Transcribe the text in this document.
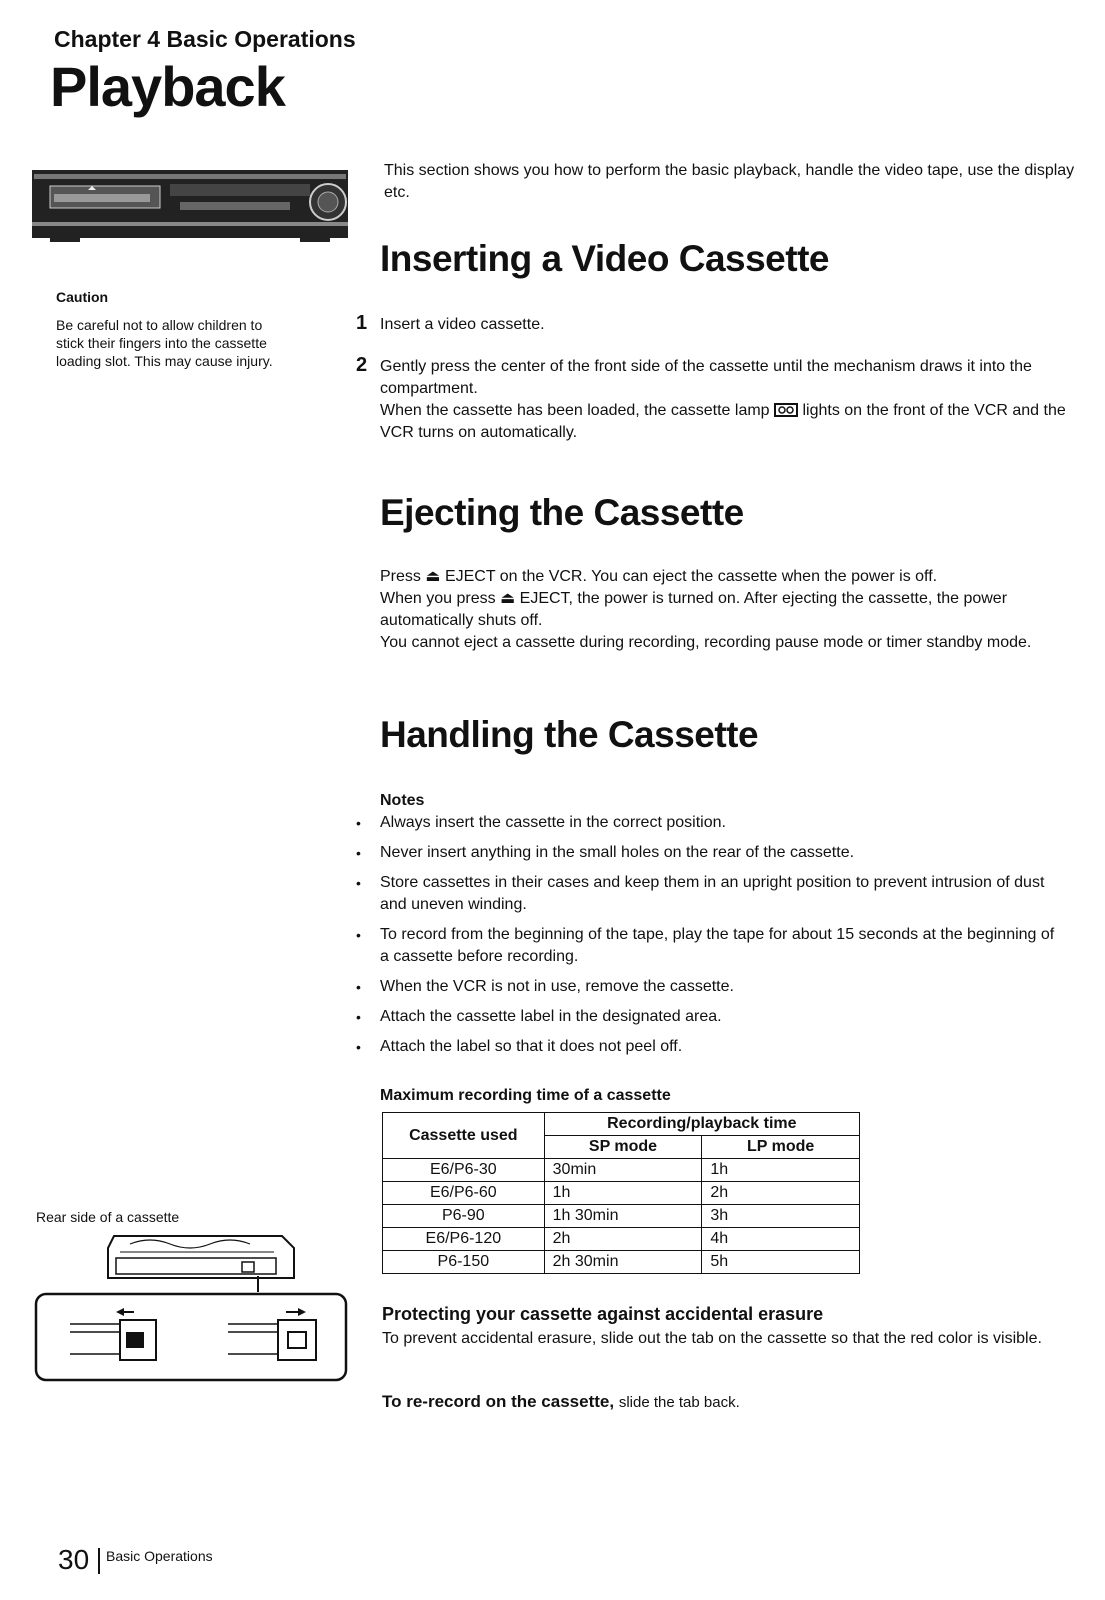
Chapter 4 Basic Operations
Playback
This section shows you how to perform the basic playback, handle the video tape, use the display etc.
Caution
Be careful not to allow children to stick their fingers into the cassette loading slot. This may cause injury.
Inserting a Video Cassette
1 Insert a video cassette.
2 Gently press the center of the front side of the cassette until the mechanism draws it into the compartment.
When the cassette has been loaded, the cassette lamp lights on the front of the VCR and the VCR turns on automatically.
Ejecting the Cassette
Press ⏏ EJECT on the VCR. You can eject the cassette when the power is off.
When you press ⏏ EJECT, the power is turned on. After ejecting the cassette, the power automatically shuts off.
You cannot eject a cassette during recording, recording pause mode or timer standby mode.
Handling the Cassette
Notes
• Always insert the cassette in the correct position.
• Never insert anything in the small holes on the rear of the cassette.
• Store cassettes in their cases and keep them in an upright position to prevent intrusion of dust and uneven winding.
• To record from the beginning of the tape, play the tape for about 15 seconds at the beginning of a cassette before recording.
• When the VCR is not in use, remove the cassette.
• Attach the cassette label in the designated area.
• Attach the label so that it does not peel off.
Maximum recording time of a cassette
Cassette used	Recording/playback time	
	SP mode	LP mode
E6/P6-30	30min	1h
E6/P6-60	1h	2h
P6-90	1h 30min	3h
E6/P6-120	2h	4h
P6-150	2h 30min	5h
Protecting your cassette against accidental erasure
To prevent accidental erasure, slide out the tab on the cassette so that the red color is visible.
To re-record on the cassette, slide the tab back.
Rear side of a cassette
30 Basic Operations
